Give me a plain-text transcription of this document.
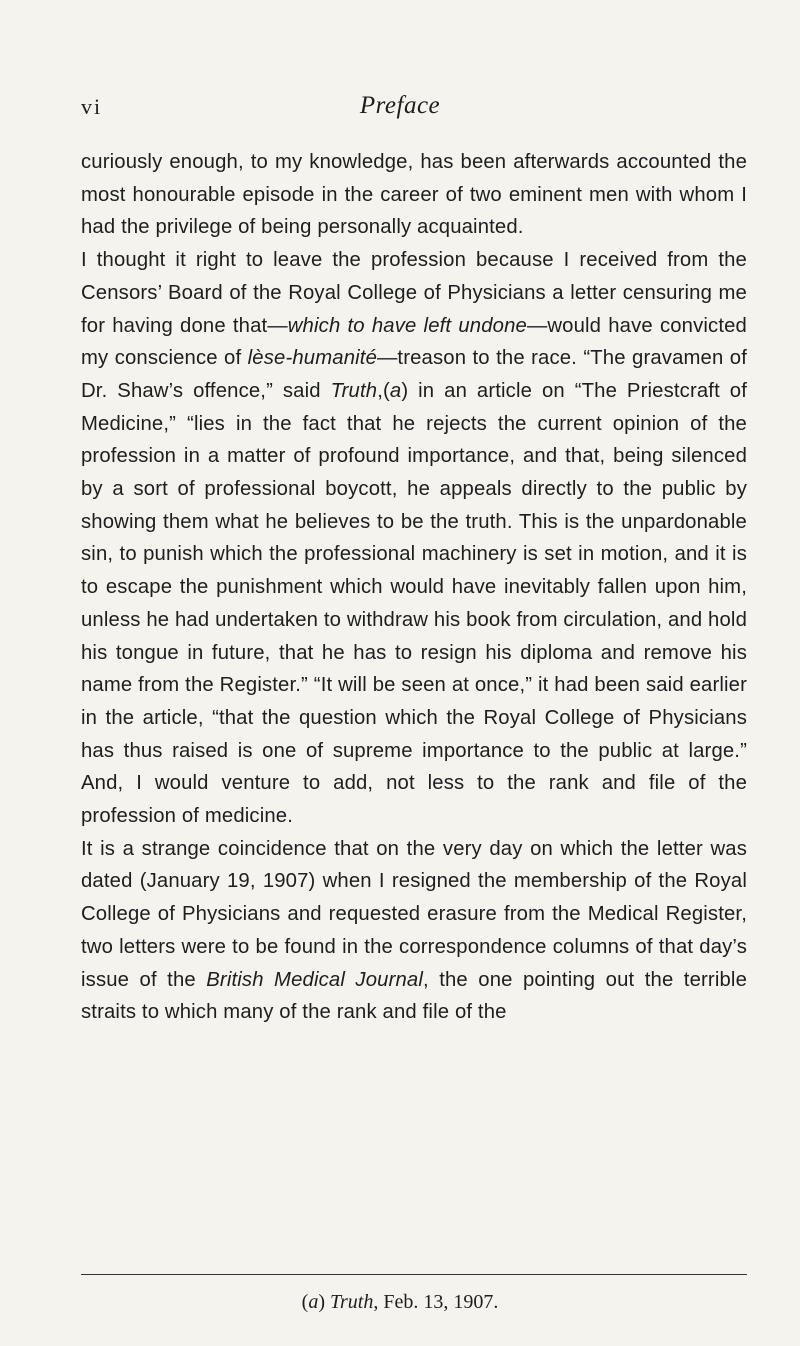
vi	Preface

curiously enough, to my knowledge, has been afterwards accounted the most honourable episode in the career of two eminent men with whom I had the privilege of being personally acquainted.

I thought it right to leave the profession because I received from the Censors’ Board of the Royal College of Physicians a letter censuring me for having done that—which to have left undone—would have convicted my conscience of lèse-humanité—treason to the race. “The gravamen of Dr. Shaw’s offence,” said Truth,(a) in an article on “The Priestcraft of Medicine,” “lies in the fact that he rejects the current opinion of the profession in a matter of profound importance, and that, being silenced by a sort of professional boycott, he appeals directly to the public by showing them what he believes to be the truth. This is the unpardonable sin, to punish which the professional machinery is set in motion, and it is to escape the punishment which would have inevitably fallen upon him, unless he had undertaken to withdraw his book from circulation, and hold his tongue in future, that he has to resign his diploma and remove his name from the Register.” “It will be seen at once,” it had been said earlier in the article, “that the question which the Royal College of Physicians has thus raised is one of supreme importance to the public at large.” And, I would venture to add, not less to the rank and file of the profession of medicine.

It is a strange coincidence that on the very day on which the letter was dated (January 19, 1907) when I resigned the membership of the Royal College of Physicians and requested erasure from the Medical Register, two letters were to be found in the correspondence columns of that day’s issue of the British Medical Journal, the one pointing out the terrible straits to which many of the rank and file of the

(a) Truth, Feb. 13, 1907.
